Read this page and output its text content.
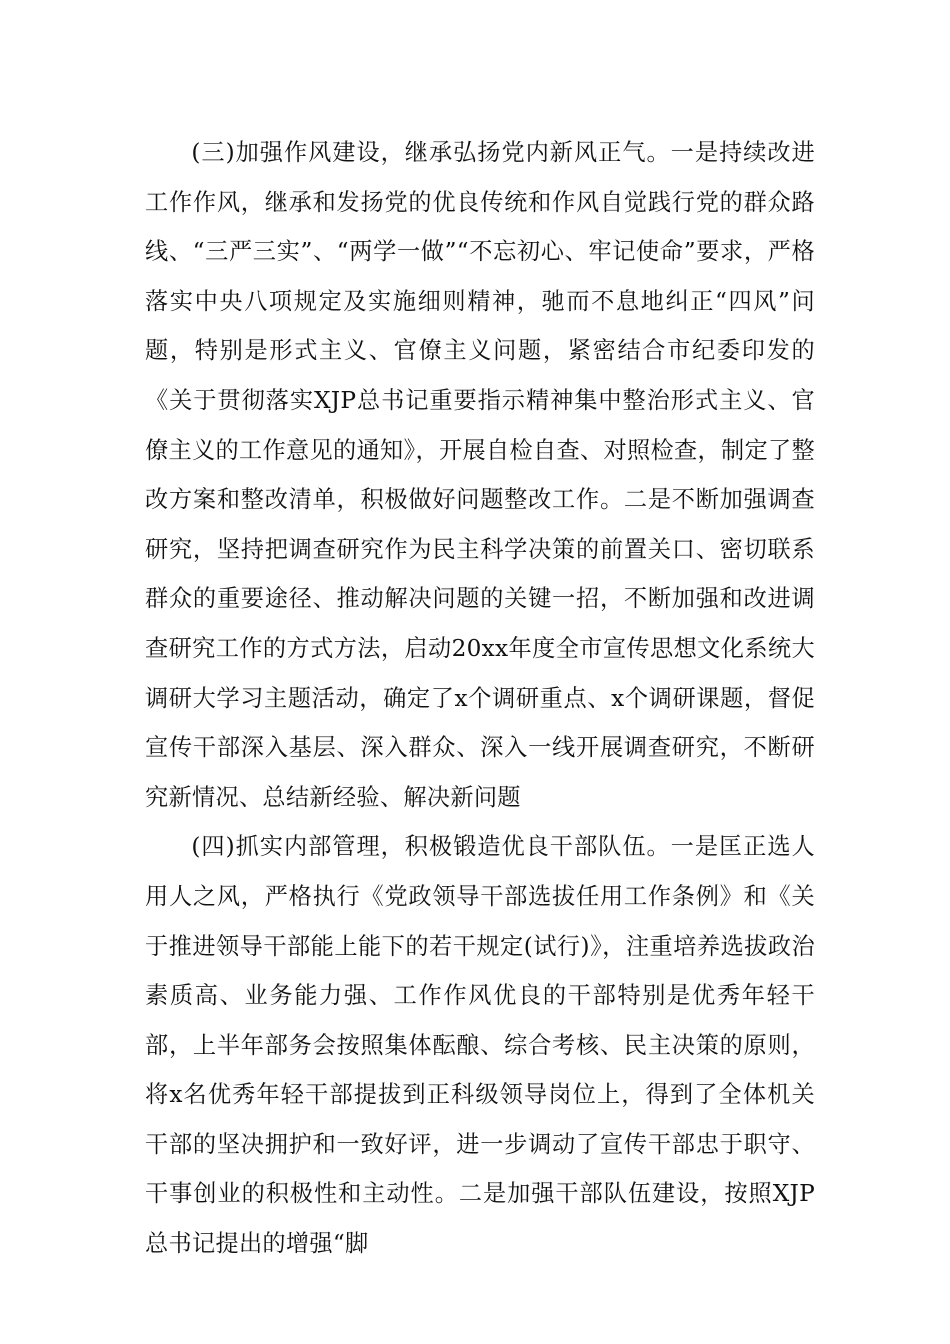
(三)加强作风建设，继承弘扬党内新风正气。一是持续改进工作作风，继承和发扬党的优良传统和作风自觉践行党的群众路线、“三严三实”、“两学一做”“不忘初心、牢记使命”要求，严格落实中央八项规定及实施细则精神，驰而不息地纠正“四风”问题，特别是形式主义、官僚主义问题，紧密结合市纪委印发的《关于贯彻落实XJP总书记重要指示精神集中整治形式主义、官僚主义的工作意见的通知》，开展自检自查、对照检查，制定了整改方案和整改清单，积极做好问题整改工作。二是不断加强调查研究，坚持把调查研究作为民主科学决策的前置关口、密切联系群众的重要途径、推动解决问题的关键一招，不断加强和改进调查研究工作的方式方法，启动20xx年度全市宣传思想文化系统大调研大学习主题活动，确定了x个调研重点、x个调研课题，督促宣传干部深入基层、深入群众、深入一线开展调查研究，不断研究新情况、总结新经验、解决新问题

(四)抓实内部管理，积极锻造优良干部队伍。一是匡正选人用人之风，严格执行《党政领导干部选拔任用工作条例》和《关于推进领导干部能上能下的若干规定(试行)》，注重培养选拔政治素质高、业务能力强、工作作风优良的干部特别是优秀年轻干部，上半年部务会按照集体酝酿、综合考核、民主决策的原则，将x名优秀年轻干部提拔到正科级领导岗位上，得到了全体机关干部的坚决拥护和一致好评，进一步调动了宣传干部忠于职守、干事创业的积极性和主动性。二是加强干部队伍建设，按照XJP总书记提出的增强“脚
